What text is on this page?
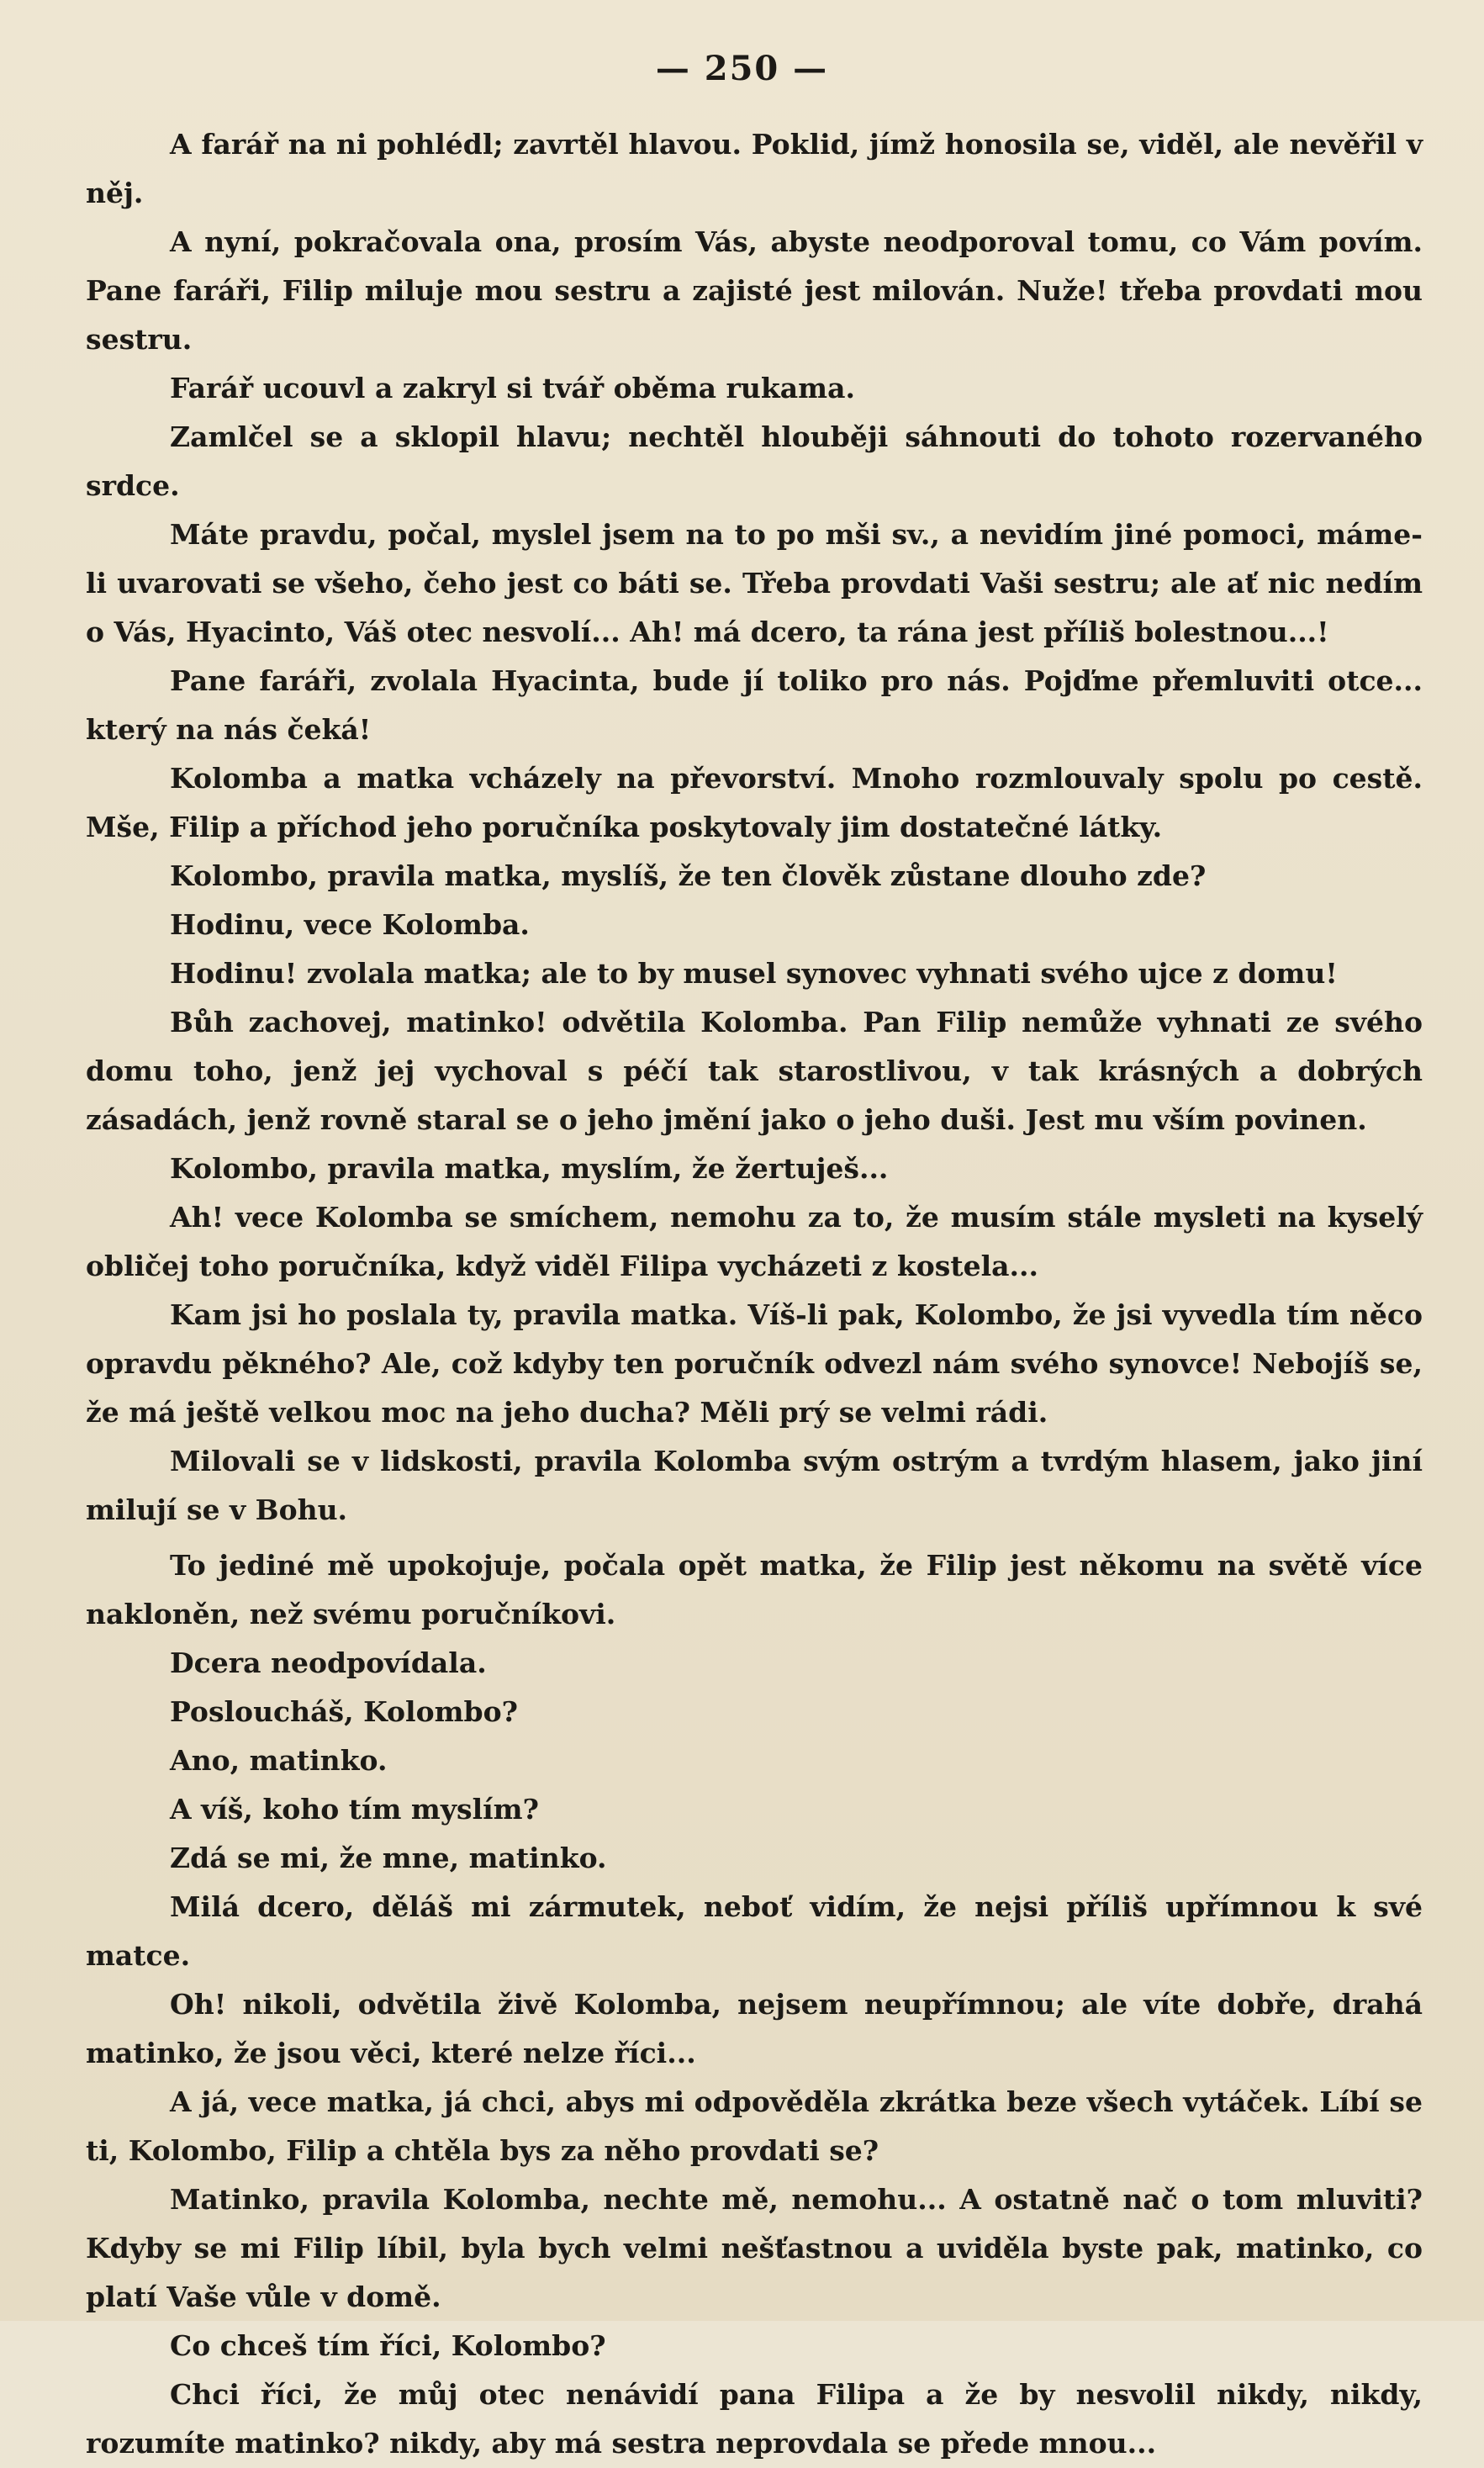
— 250 —

A farář na ni pohlédl; zavrtěl hlavou. Poklid, jímž honosila se, viděl, ale nevěřil v něj.

A nyní, pokračovala ona, prosím Vás, abyste neodporoval tomu, co Vám povím. Pane faráři, Filip miluje mou sestru a zajisté jest milován. Nuže! třeba provdati mou sestru.

Farář ucouvl a zakryl si tvář oběma rukama.

Zamlčel se a sklopil hlavu; nechtěl hlouběji sáhnouti do tohoto rozervaného srdce.

Máte pravdu, počal, myslel jsem na to po mši sv., a nevidím jiné pomoci, máme-li uvarovati se všeho, čeho jest co báti se. Třeba provdati Vaši sestru; ale ať nic nedím o Vás, Hyacinto, Váš otec nesvolí... Ah! má dcero, ta rána jest příliš bolestnou...!

Pane faráři, zvolala Hyacinta, bude jí toliko pro nás. Pojďme přemluviti otce... který na nás čeká!

Kolomba a matka vcházely na převorství. Mnoho rozmlouvaly spolu po cestě. Mše, Filip a příchod jeho poručníka poskytovaly jim dostatečné látky.

Kolombo, pravila matka, myslíš, že ten člověk zůstane dlouho zde?

Hodinu, vece Kolomba.

Hodinu! zvolala matka; ale to by musel synovec vyhnati svého ujce z domu!

Bůh zachovej, matinko! odvětila Kolomba. Pan Filip nemůže vyhnati ze svého domu toho, jenž jej vychoval s péčí tak starostlivou, v tak krásných a dobrých zásadách, jenž rovně staral se o jeho jmění jako o jeho duši. Jest mu vším povinen.

Kolombo, pravila matka, myslím, že žertuješ...

Ah! vece Kolomba se smíchem, nemohu za to, že musím stále mysleti na kyselý obličej toho poručníka, když viděl Filipa vycházeti z kostela...

Kam jsi ho poslala ty, pravila matka. Víš-li pak, Kolombo, že jsi vyvedla tím něco opravdu pěkného? Ale, což kdyby ten poručník odvezl nám svého synovce! Nebojíš se, že má ještě velkou moc na jeho ducha? Měli prý se velmi rádi.

Milovali se v lidskosti, pravila Kolomba svým ostrým a tvrdým hlasem, jako jiní milují se v Bohu.

To jediné mě upokojuje, počala opět matka, že Filip jest někomu na světě více nakloněn, než svému poručníkovi.

Dcera neodpovídala.

Posloucháš, Kolombo?

Ano, matinko.

A víš, koho tím myslím?

Zdá se mi, že mne, matinko.

Milá dcero, děláš mi zármutek, neboť vidím, že nejsi příliš upřímnou k své matce.

Oh! nikoli, odvětila živě Kolomba, nejsem neupřímnou; ale víte dobře, drahá matinko, že jsou věci, které nelze říci...

A já, vece matka, já chci, abys mi odpověděla zkrátka beze všech vytáček. Líbí se ti, Kolombo, Filip a chtěla bys za něho provdati se?

Matinko, pravila Kolomba, nechte mě, nemohu... A ostatně nač o tom mluviti? Kdyby se mi Filip líbil, byla bych velmi nešťastnou a uviděla byste pak, matinko, co platí Vaše vůle v domě.

Co chceš tím říci, Kolombo?

Chci říci, že můj otec nenávidí pana Filipa a že by nesvolil nikdy, nikdy, rozumíte matinko? nikdy, aby má sestra neprovdala se přede mnou...
